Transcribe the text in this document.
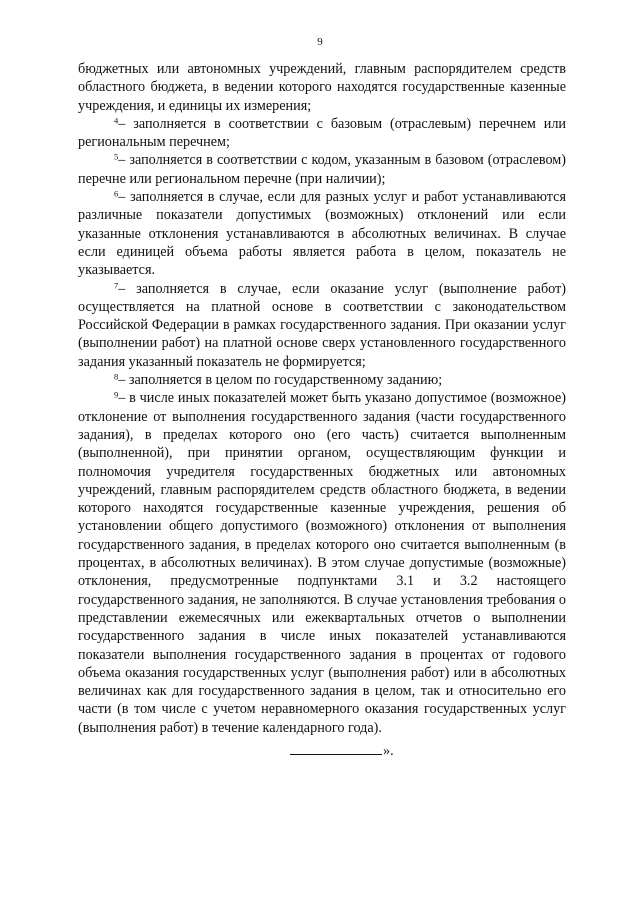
9

бюджетных или автономных учреждений, главным распорядителем средств областного бюджета, в ведении которого находятся государственные казенные учреждения, и единицы их измерения;

$^4$– заполняется в соответствии с базовым (отраслевым) перечнем или региональным перечнем;

$^5$– заполняется в соответствии с кодом, указанным в базовом (отраслевом) перечне или региональном перечне (при наличии);

$^6$– заполняется в случае, если для разных услуг и работ устанавливаются различные показатели допустимых (возможных) отклонений или если указанные отклонения устанавливаются в абсолютных величинах. В случае если единицей объема работы является работа в целом, показатель не указывается.

$^7$– заполняется в случае, если оказание услуг (выполнение работ) осуществляется на платной основе в соответствии с законодательством Российской Федерации в рамках государственного задания. При оказании услуг (выполнении работ) на платной основе сверх установленного государственного задания указанный показатель не формируется;

$^8$– заполняется в целом по государственному заданию;

$^9$– в числе иных показателей может быть указано допустимое (возможное) отклонение от выполнения государственного задания (части государственного задания), в пределах которого оно (его часть) считается выполненным (выполненной), при принятии органом, осуществляющим функции и полномочия учредителя государственных бюджетных или автономных учреждений, главным распорядителем средств областного бюджета, в ведении которого находятся государственные казенные учреждения, решения об установлении общего допустимого (возможного) отклонения от выполнения государственного задания, в пределах которого оно считается выполненным (в процентах, в абсолютных величинах). В этом случае допустимые (возможные) отклонения, предусмотренные подпунктами 3.1 и 3.2 настоящего государственного задания, не заполняются. В случае установления требования о представлении ежемесячных или ежеквартальных отчетов о выполнении государственного задания в числе иных показателей устанавливаются показатели выполнения государственного задания в процентах от годового объема оказания государственных услуг (выполнения работ) или в абсолютных величинах как для государственного задания в целом, так и относительно его части (в том числе с учетом неравномерного оказания государственных услуг (выполнения работ) в течение календарного года).

».
